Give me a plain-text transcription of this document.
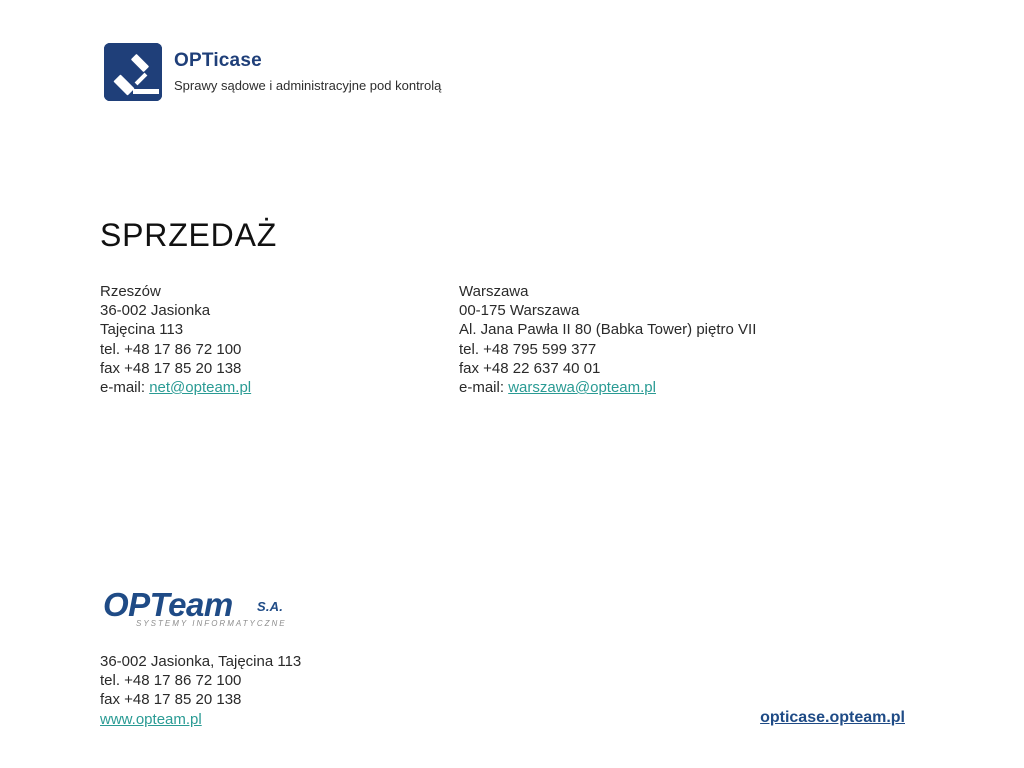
OPTicase
Sprawy sądowe i administracyjne pod kontrolą
SPRZEDAŻ
Rzeszów
36-002 Jasionka
Tajęcina 113
tel. +48 17 86 72 100
fax +48 17 85 20 138
e-mail: net@opteam.pl
Warszawa
00-175 Warszawa
Al. Jana Pawła II 80 (Babka Tower) piętro VII
tel. +48 795 599 377
fax +48 22 637 40 01
e-mail: warszawa@opteam.pl
OPTeam S.A.
SYSTEMY INFORMATYCZNE
36-002 Jasionka, Tajęcina 113
tel. +48 17 86 72 100
fax +48 17 85 20 138
www.opteam.pl	opticase.opteam.pl
